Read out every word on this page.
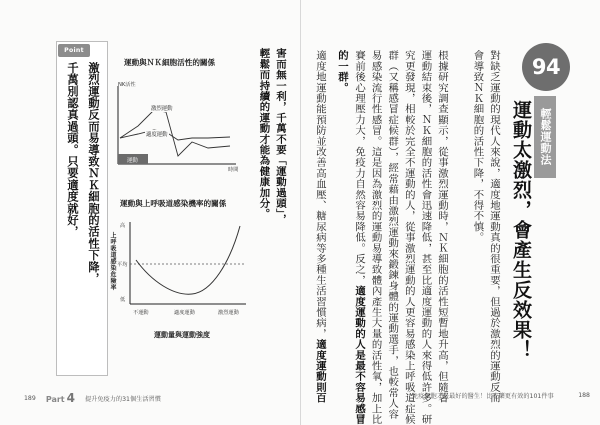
94
輕鬆運動法
運動太激烈，會產生反效果！
對缺乏運動的現代人來說，適度地運動真的很重要，但過於激烈的運動反而
會導致ＮＫ細胞的活性下降，不得不慎。
根據研究調查顯示，從事激烈運動時，ＮＫ細胞的活性短暫地升高，但隨著
運動結束後，ＮＫ細胞的活性會迅速降低，甚至比適度運動的人來得低許多。研
究更發現，相較於完全不運動的人，從事激烈運動的人更容易感染上呼吸道症候
群（又稱感冒症候群），經常藉由激烈運動來鍛鍊身體的運動選手，也較常人容
易感染流行性感冒。這是因為激烈的運動易導致體內產生大量的活性氧，加上比
賽前後心理壓力大，免疫力自然容易降低。反之，適度運動的人是最不容易感冒
的一群。
適度地運動能預防並改善高血壓、糖尿病等多種生活習慣病，適度運動則百	免疫細胞才是最好的醫生！比吃藥更有效的101件事	188
害而無一利，千萬不要「運動過頭」，
輕鬆而持續的運動才能為健康加分。
運動與ＮＫ細胞活性的關係
NK活性
激烈運動
適度運動
運動
時間
運動與上呼吸道感染機率的關係
上呼吸道感染危險率
高
平均
低
不運動	適度運動	激烈運動
運動量與運動強度
Point
激烈運動反而易導致ＮＫ細胞的活性下降，
千萬別認真過頭。只要適度就好，
189 Part 4 提升免疫力的31個生活習慣
